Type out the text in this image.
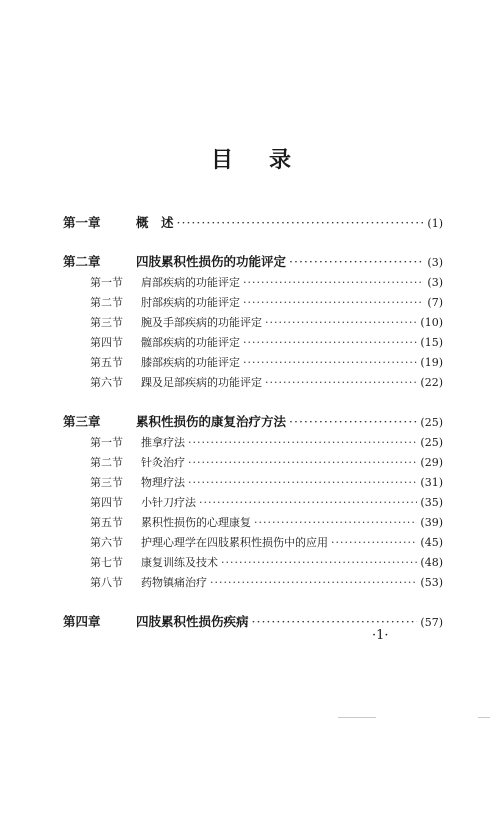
目 录
第一章	概　述 ·····	(1)
第二章	四肢累积性损伤的功能评定 ·····	(3)
第一节	肩部疾病的功能评定 ·····	(3)
第二节	肘部疾病的功能评定 ·····	(7)
第三节	腕及手部疾病的功能评定 ·····	(10)
第四节	髋部疾病的功能评定 ·····	(15)
第五节	膝部疾病的功能评定 ·····	(19)
第六节	踝及足部疾病的功能评定 ·····	(22)
第三章	累积性损伤的康复治疗方法 ·····	(25)
第一节	推拿疗法 ·····	(25)
第二节	针灸治疗 ·····	(29)
第三节	物理疗法 ·····	(31)
第四节	小针刀疗法 ·····	(35)
第五节	累积性损伤的心理康复 ·····	(39)
第六节	护理心理学在四肢累积性损伤中的应用 ·····	(45)
第七节	康复训练及技术 ·····	(48)
第八节	药物镇痛治疗 ·····	(53)
第四章	四肢累积性损伤疾病 ·····	(57)
·1·
